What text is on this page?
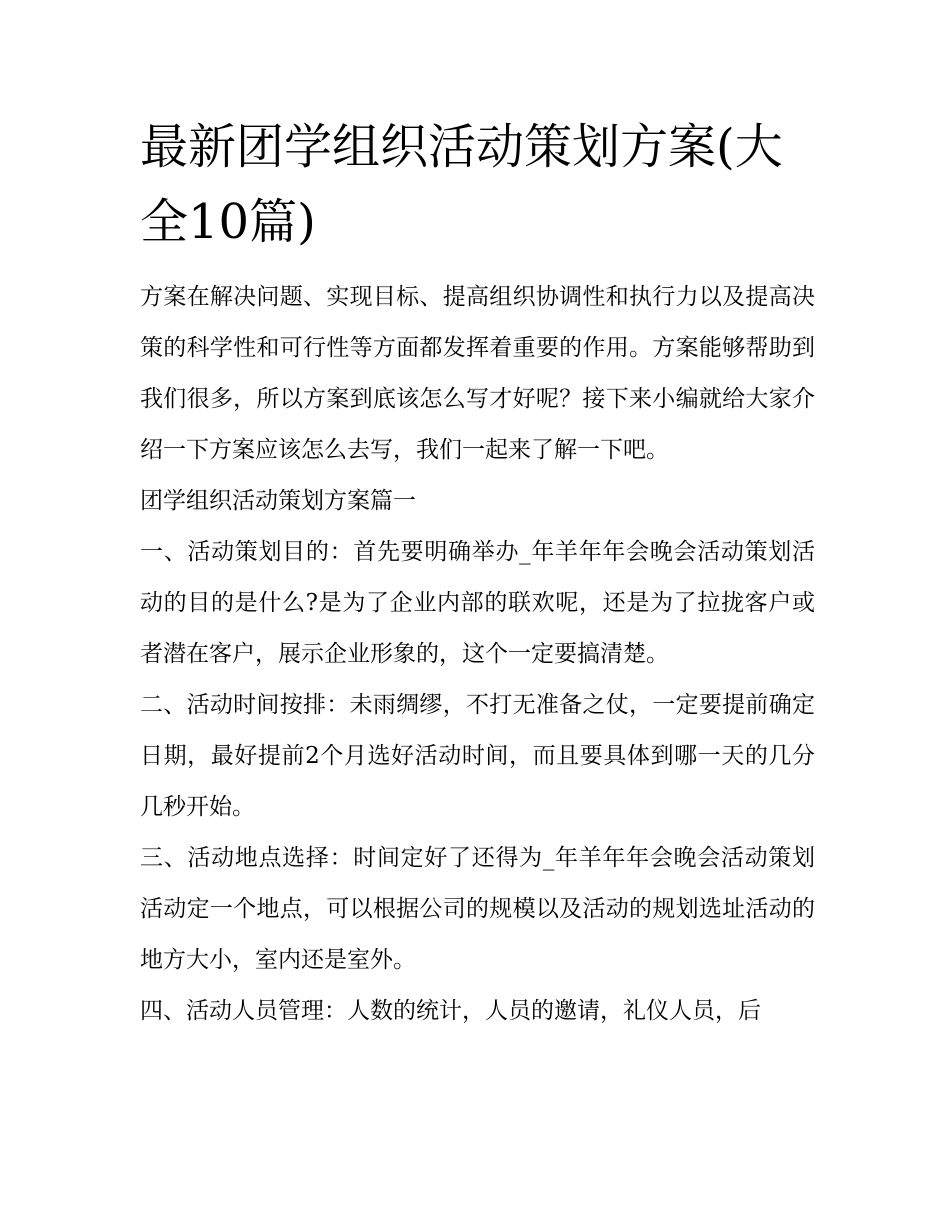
最新团学组织活动策划方案(大全10篇)

方案在解决问题、实现目标、提高组织协调性和执行力以及提高决策的科学性和可行性等方面都发挥着重要的作用。方案能够帮助到我们很多，所以方案到底该怎么写才好呢？接下来小编就给大家介绍一下方案应该怎么去写，我们一起来了解一下吧。

团学组织活动策划方案篇一

一、活动策划目的：首先要明确举办_年羊年年会晚会活动策划活动的目的是什么?是为了企业内部的联欢呢，还是为了拉拢客户或者潜在客户，展示企业形象的，这个一定要搞清楚。

二、活动时间按排：未雨绸缪，不打无准备之仗，一定要提前确定日期，最好提前2个月选好活动时间，而且要具体到哪一天的几分几秒开始。

三、活动地点选择：时间定好了还得为_年羊年年会晚会活动策划活动定一个地点，可以根据公司的规模以及活动的规划选址活动的地方大小，室内还是室外。

四、活动人员管理：人数的统计，人员的邀请，礼仪人员，后
